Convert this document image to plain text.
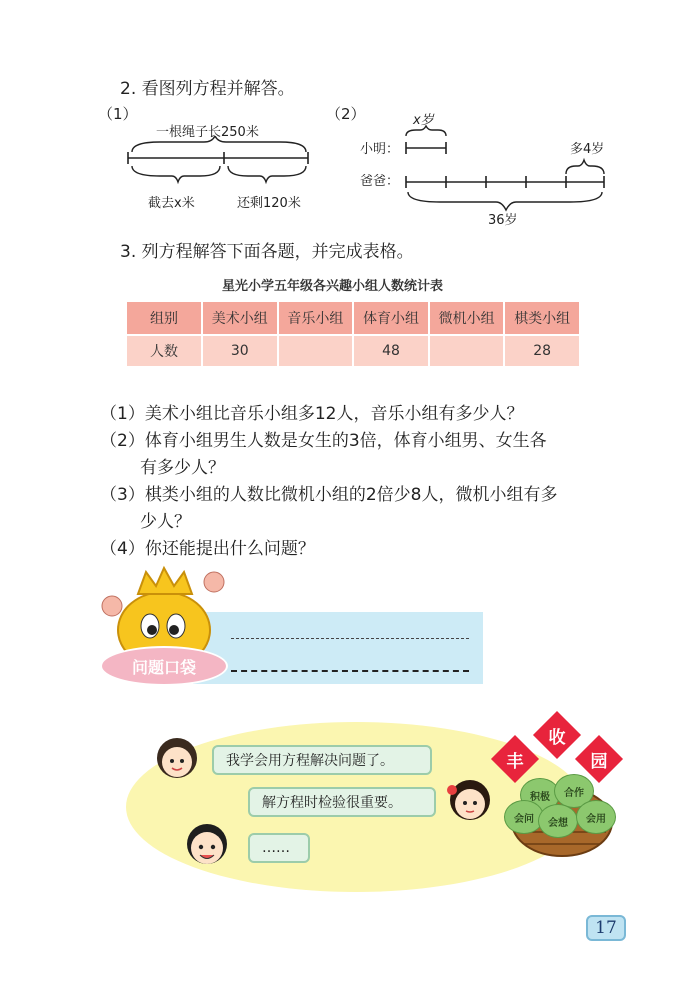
2. 看图列方程并解答。
（1）
一根绳子长250米
截去x米	还剩120米
（2）	x岁
小明：	多4岁
爸爸：
36岁
3. 列方程解答下面各题，并完成表格。
星光小学五年级各兴趣小组人数统计表
组别	美术小组	音乐小组	体育小组	微机小组	棋类小组
人数	30		48		28
（1）美术小组比音乐小组多12人，音乐小组有多少人？
（2）体育小组男生人数是女生的3倍，体育小组男、女生各
有多少人？
（3）棋类小组的人数比微机小组的2倍少8人，微机小组有多
少人？
（4）你还能提出什么问题？
问题口袋
我学会用方程解决问题了。
解方程时检验很重要。
……
积极	合作
会问	会想	会用
丰
收
园
17
